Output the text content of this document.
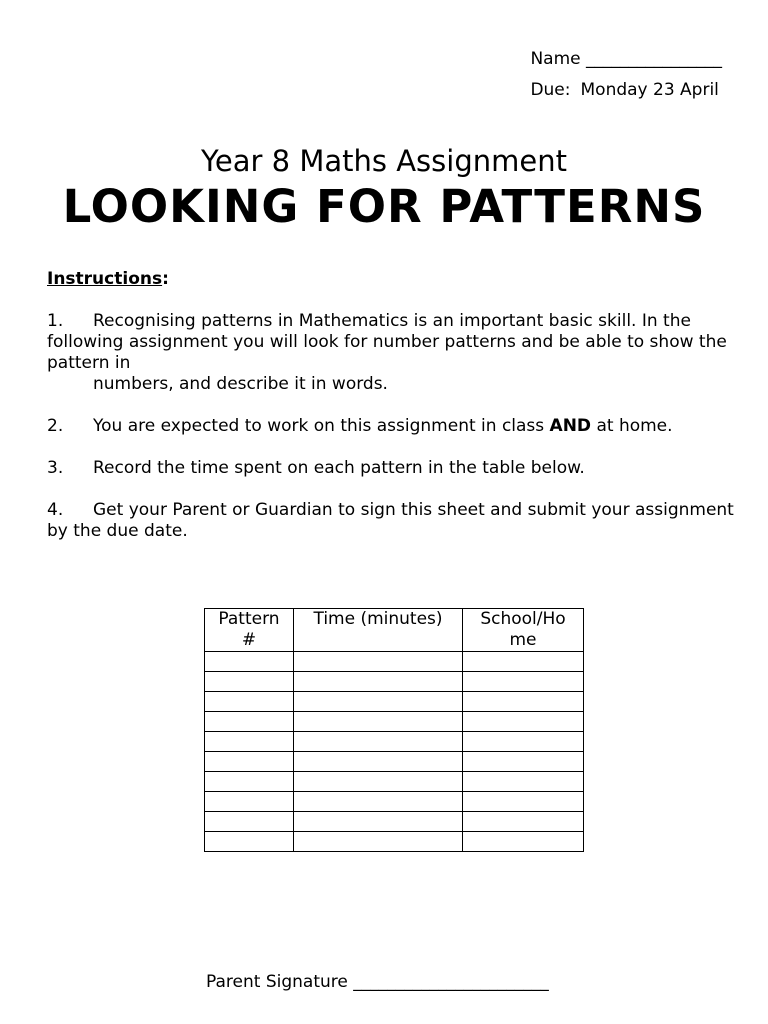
Name ________________
Due: Monday 23 April
Year 8 Maths Assignment
LOOKING FOR PATTERNS
Instructions:
1. Recognising patterns in Mathematics is an important basic skill. In the following assignment you will look for number patterns and be able to show the pattern in
numbers, and describe it in words.
2. You are expected to work on this assignment in class AND at home.
3. Record the time spent on each pattern in the table below.
4. Get your Parent or Guardian to sign this sheet and submit your assignment by the due date.
Pattern #	Time (minutes)	School/Ho me

Parent Signature _______________________
